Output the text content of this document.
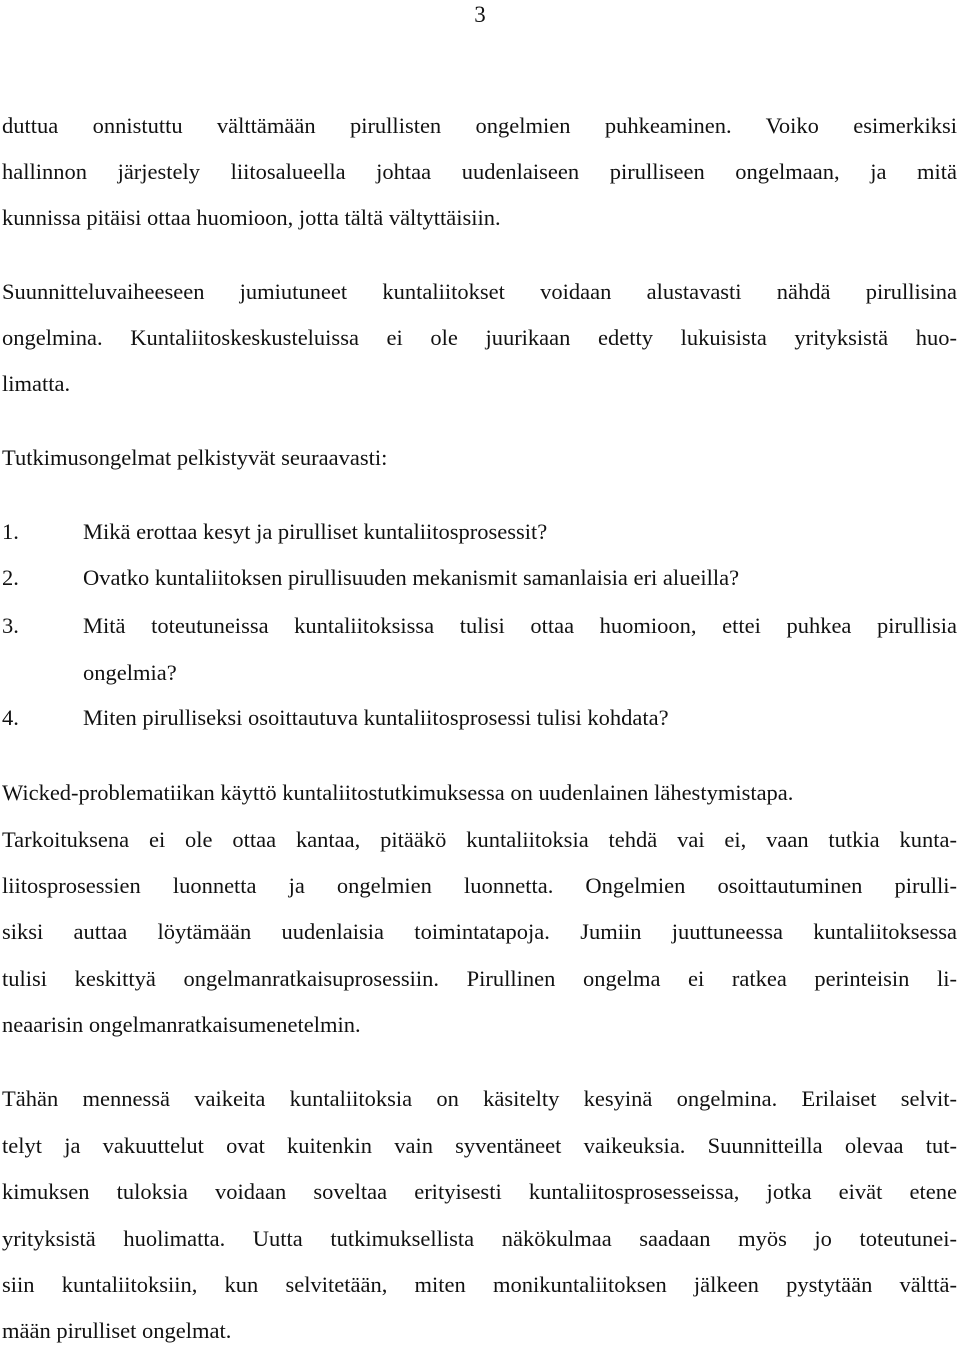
3
duttua onnistuttu välttämään pirullisten ongelmien puhkeaminen. Voiko esimerkiksi
hallinnon järjestely liitosalueella johtaa uudenlaiseen pirulliseen ongelmaan, ja mitä
kunnissa pitäisi ottaa huomioon, jotta tältä vältyttäisiin.
Suunnitteluvaiheeseen jumiutuneet kuntaliitokset voidaan alustavasti nähdä pirullisina
ongelmina. Kuntaliitoskeskusteluissa ei ole juurikaan edetty lukuisista yrityksistä huo-
limatta.
Tutkimusongelmat pelkistyvät seuraavasti:
1.	Mikä erottaa kesyt ja pirulliset kuntaliitosprosessit?
2.	Ovatko kuntaliitoksen pirullisuuden mekanismit samanlaisia eri alueilla?
3.	Mitä toteutuneissa kuntaliitoksissa tulisi ottaa huomioon, ettei puhkea pirullisia
ongelmia?
4.	Miten pirulliseksi osoittautuva kuntaliitosprosessi tulisi kohdata?
Wicked-problematiikan käyttö kuntaliitostutkimuksessa on uudenlainen lähestymistapa.
Tarkoituksena ei ole ottaa kantaa, pitääkö kuntaliitoksia tehdä vai ei, vaan tutkia kunta-
liitosprosessien luonnetta ja ongelmien luonnetta. Ongelmien osoittautuminen pirulli-
siksi auttaa löytämään uudenlaisia toimintatapoja. Jumiin juuttuneessa kuntaliitoksessa
tulisi keskittyä ongelmanratkaisuprosessiin. Pirullinen ongelma ei ratkea perinteisin li-
neaarisin ongelmanratkaisumenetelmin.
Tähän mennessä vaikeita kuntaliitoksia on käsitelty kesyinä ongelmina. Erilaiset selvit-
telyt ja vakuuttelut ovat kuitenkin vain syventäneet vaikeuksia. Suunnitteilla olevaa tut-
kimuksen tuloksia voidaan soveltaa erityisesti kuntaliitosprosesseissa, jotka eivät etene
yrityksistä huolimatta. Uutta tutkimuksellista näkökulmaa saadaan myös jo toteutunei-
siin kuntaliitoksiin, kun selvitetään, miten monikuntaliitoksen jälkeen pystytään välttä-
mään pirulliset ongelmat.
